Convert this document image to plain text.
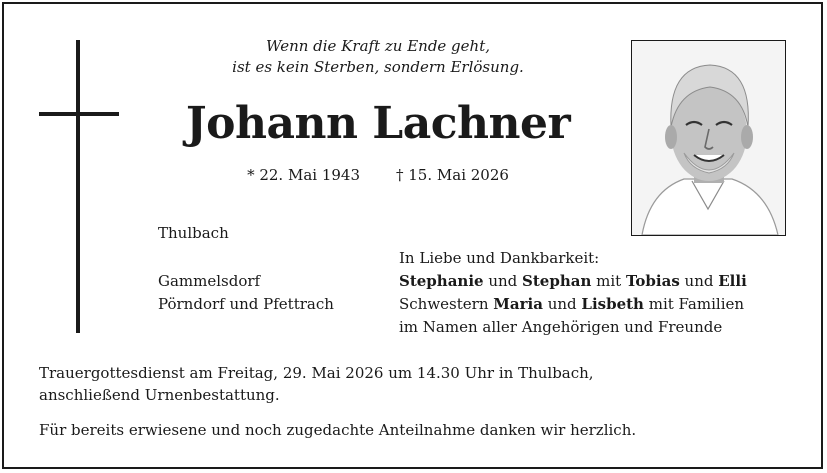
Wenn die Kraft zu Ende geht,
ist es kein Sterben, sondern Erlösung.
Johann Lachner
* 22. Mai 1943 † 15. Mai 2026
Thulbach
In Liebe und Dankbarkeit:
Gammelsdorf	Stephanie und Stephan mit Tobias und Elli
Pörndorf und Pfettrach	Schwestern Maria und Lisbeth mit Familien
im Namen aller Angehörigen und Freunde
Trauergottesdienst am Freitag, 29. Mai 2026 um 14.30 Uhr in Thulbach,
anschließend Urnenbestattung.
Für bereits erwiesene und noch zugedachte Anteilnahme danken wir herzlich.
